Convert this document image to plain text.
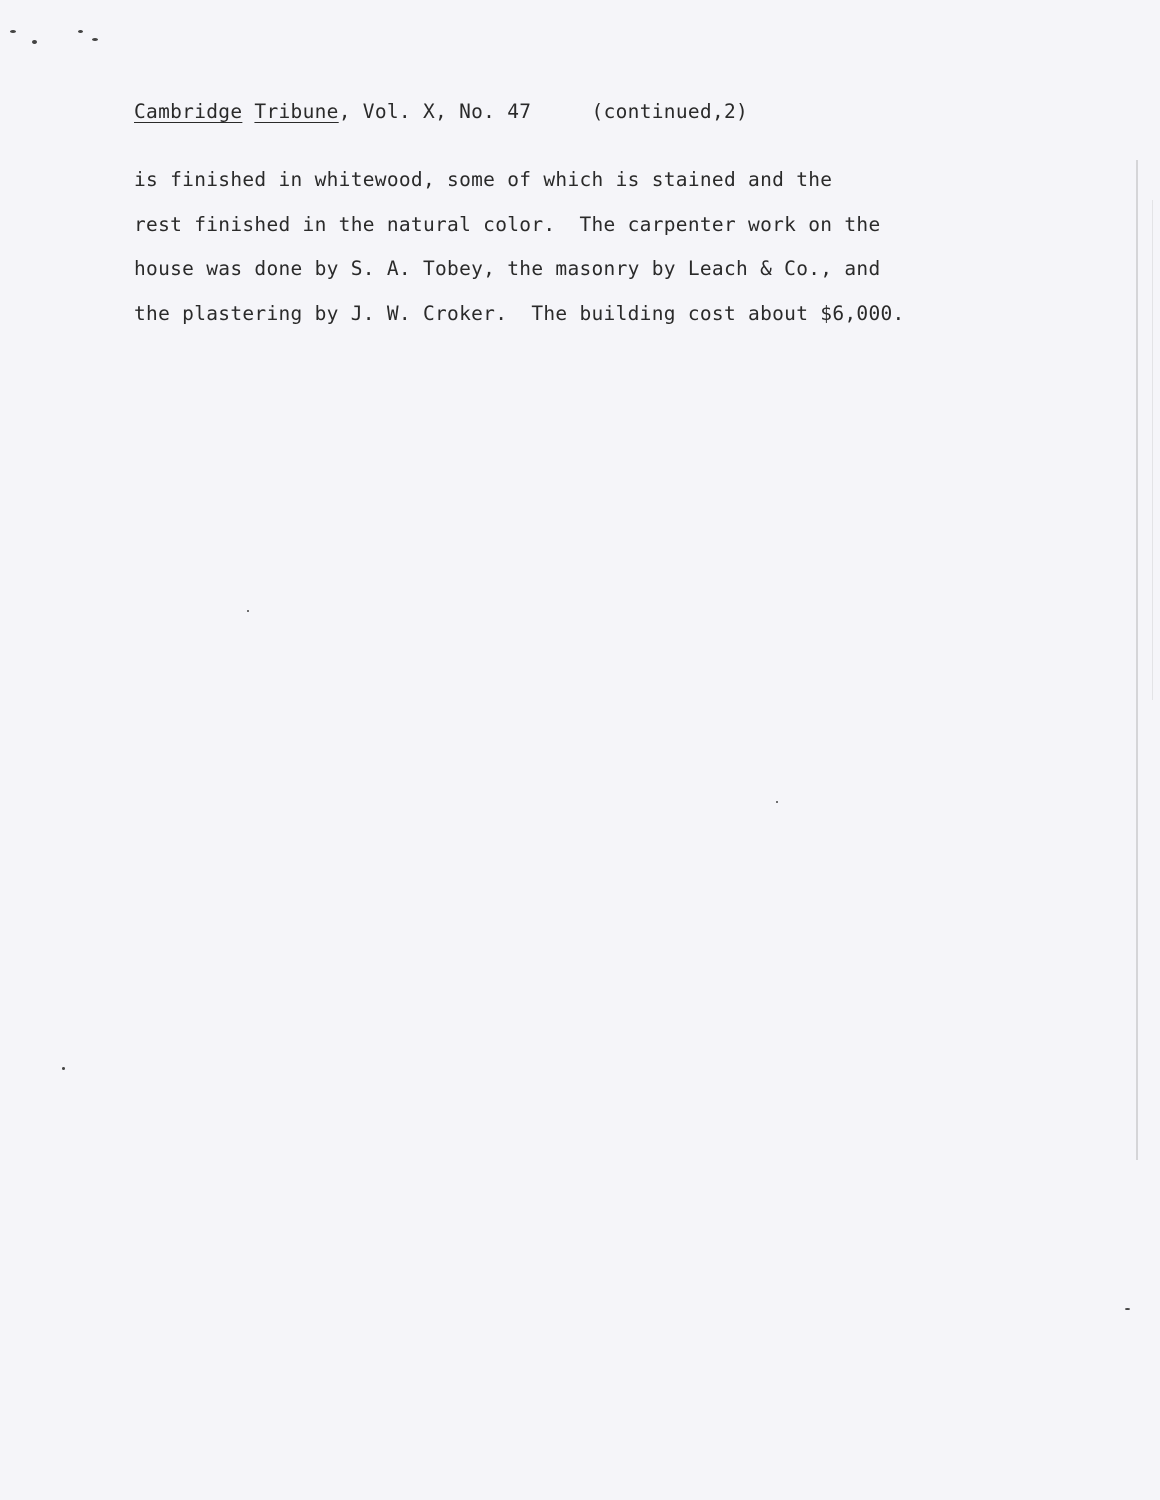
Cambridge Tribune, Vol. X, No. 47	(continued,2)
is finished in whitewood, some of which is stained and the
rest finished in the natural color.  The carpenter work on the
house was done by S. A. Tobey, the masonry by Leach & Co., and
the plastering by J. W. Croker.  The building cost about $6,000.
